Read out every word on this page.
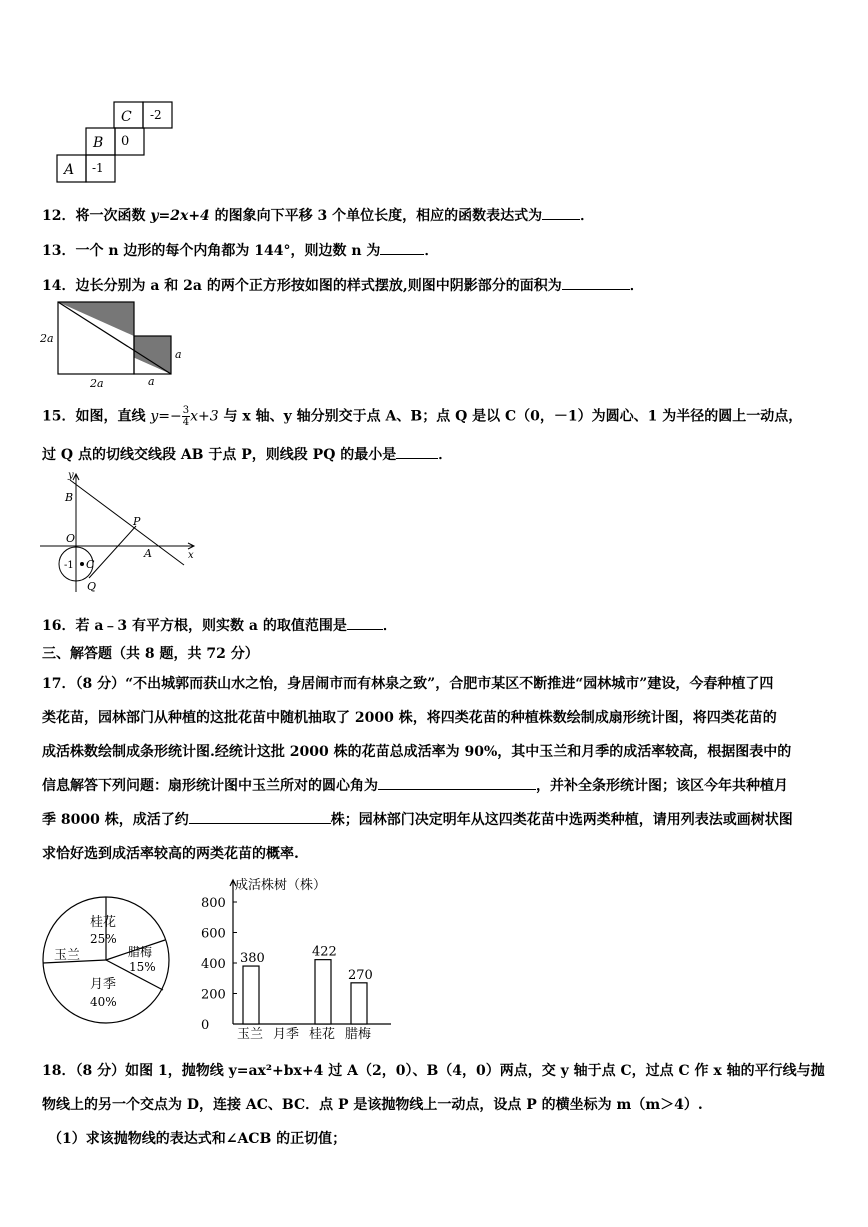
C -2
B 0
A -1
12．将一次函数 y=2x+4 的图象向下平移 3 个单位长度，相应的函数表达式为	．
13．一个 n 边形的每个内角都为 144°，则边数 n 为	．
14．边长分别为 a 和 2a 的两个正方形按如图的样式摆放,则图中阴影部分的面积为	．
2a
2a	a
a
15．如图，直线 $y=- \frac{3}{4} x+3$ 与 x 轴、y 轴分别交于点 A、B；点 Q 是以 C（0，－1）为圆心、1 为半径的圆上一动点，
过 Q 点的切线交线段 AB 于点 P，则线段 PQ 的最小是	．
y
x
B
P
O
A
C
-1
Q
16．若 a﹣3 有平方根，则实数 a 的取值范围是	．
三、解答题（共 8 题，共 72 分）
17．（8 分）“不出城郭而获山水之怡，身居闹市而有林泉之致”，合肥市某区不断推进“园林城市”建设，今春种植了四
类花苗，园林部门从种植的这批花苗中随机抽取了 2000 株，将四类花苗的种植株数绘制成扇形统计图，将四类花苗的
成活株数绘制成条形统计图.经统计这批 2000 株的花苗总成活率为 90%，其中玉兰和月季的成活率较高，根据图表中的
信息解答下列问题：扇形统计图中玉兰所对的圆心角为	，并补全条形统计图；该区今年共种植月
季 8000 株，成活了约	株；园林部门决定明年从这四类花苗中选两类种植，请用列表法或画树状图
求恰好选到成活率较高的两类花苗的概率.
桂花
25%
腊梅
15%
玉兰
月季
40%
成活株树（株）
0
200
400
600
800
380	422
270
玉兰 月季 桂花 腊梅
18．（8 分）如图 1，抛物线 y=ax²+bx+4 过 A（2，0）、B（4，0）两点，交 y 轴于点 C，过点 C 作 x 轴的平行线与抛
物线上的另一个交点为 D，连接 AC、BC．点 P 是该抛物线上一动点，设点 P 的横坐标为 m（m＞4）.
（1）求该抛物线的表达式和∠ACB 的正切值；
